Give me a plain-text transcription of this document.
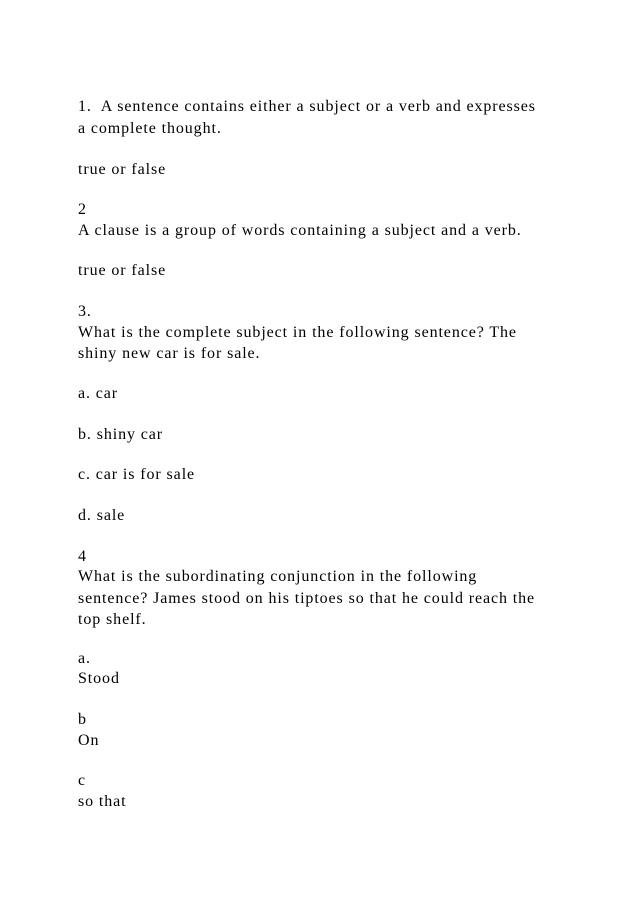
1. A sentence contains either a subject or a verb and expresses
a complete thought.
true or false
2
A clause is a group of words containing a subject and a verb.
true or false
3.
What is the complete subject in the following sentence? The
shiny new car is for sale.
a. car
b. shiny car
c. car is for sale
d. sale
4
What is the subordinating conjunction in the following
sentence? James stood on his tiptoes so that he could reach the
top shelf.
a.
Stood
b
On
c
so that
